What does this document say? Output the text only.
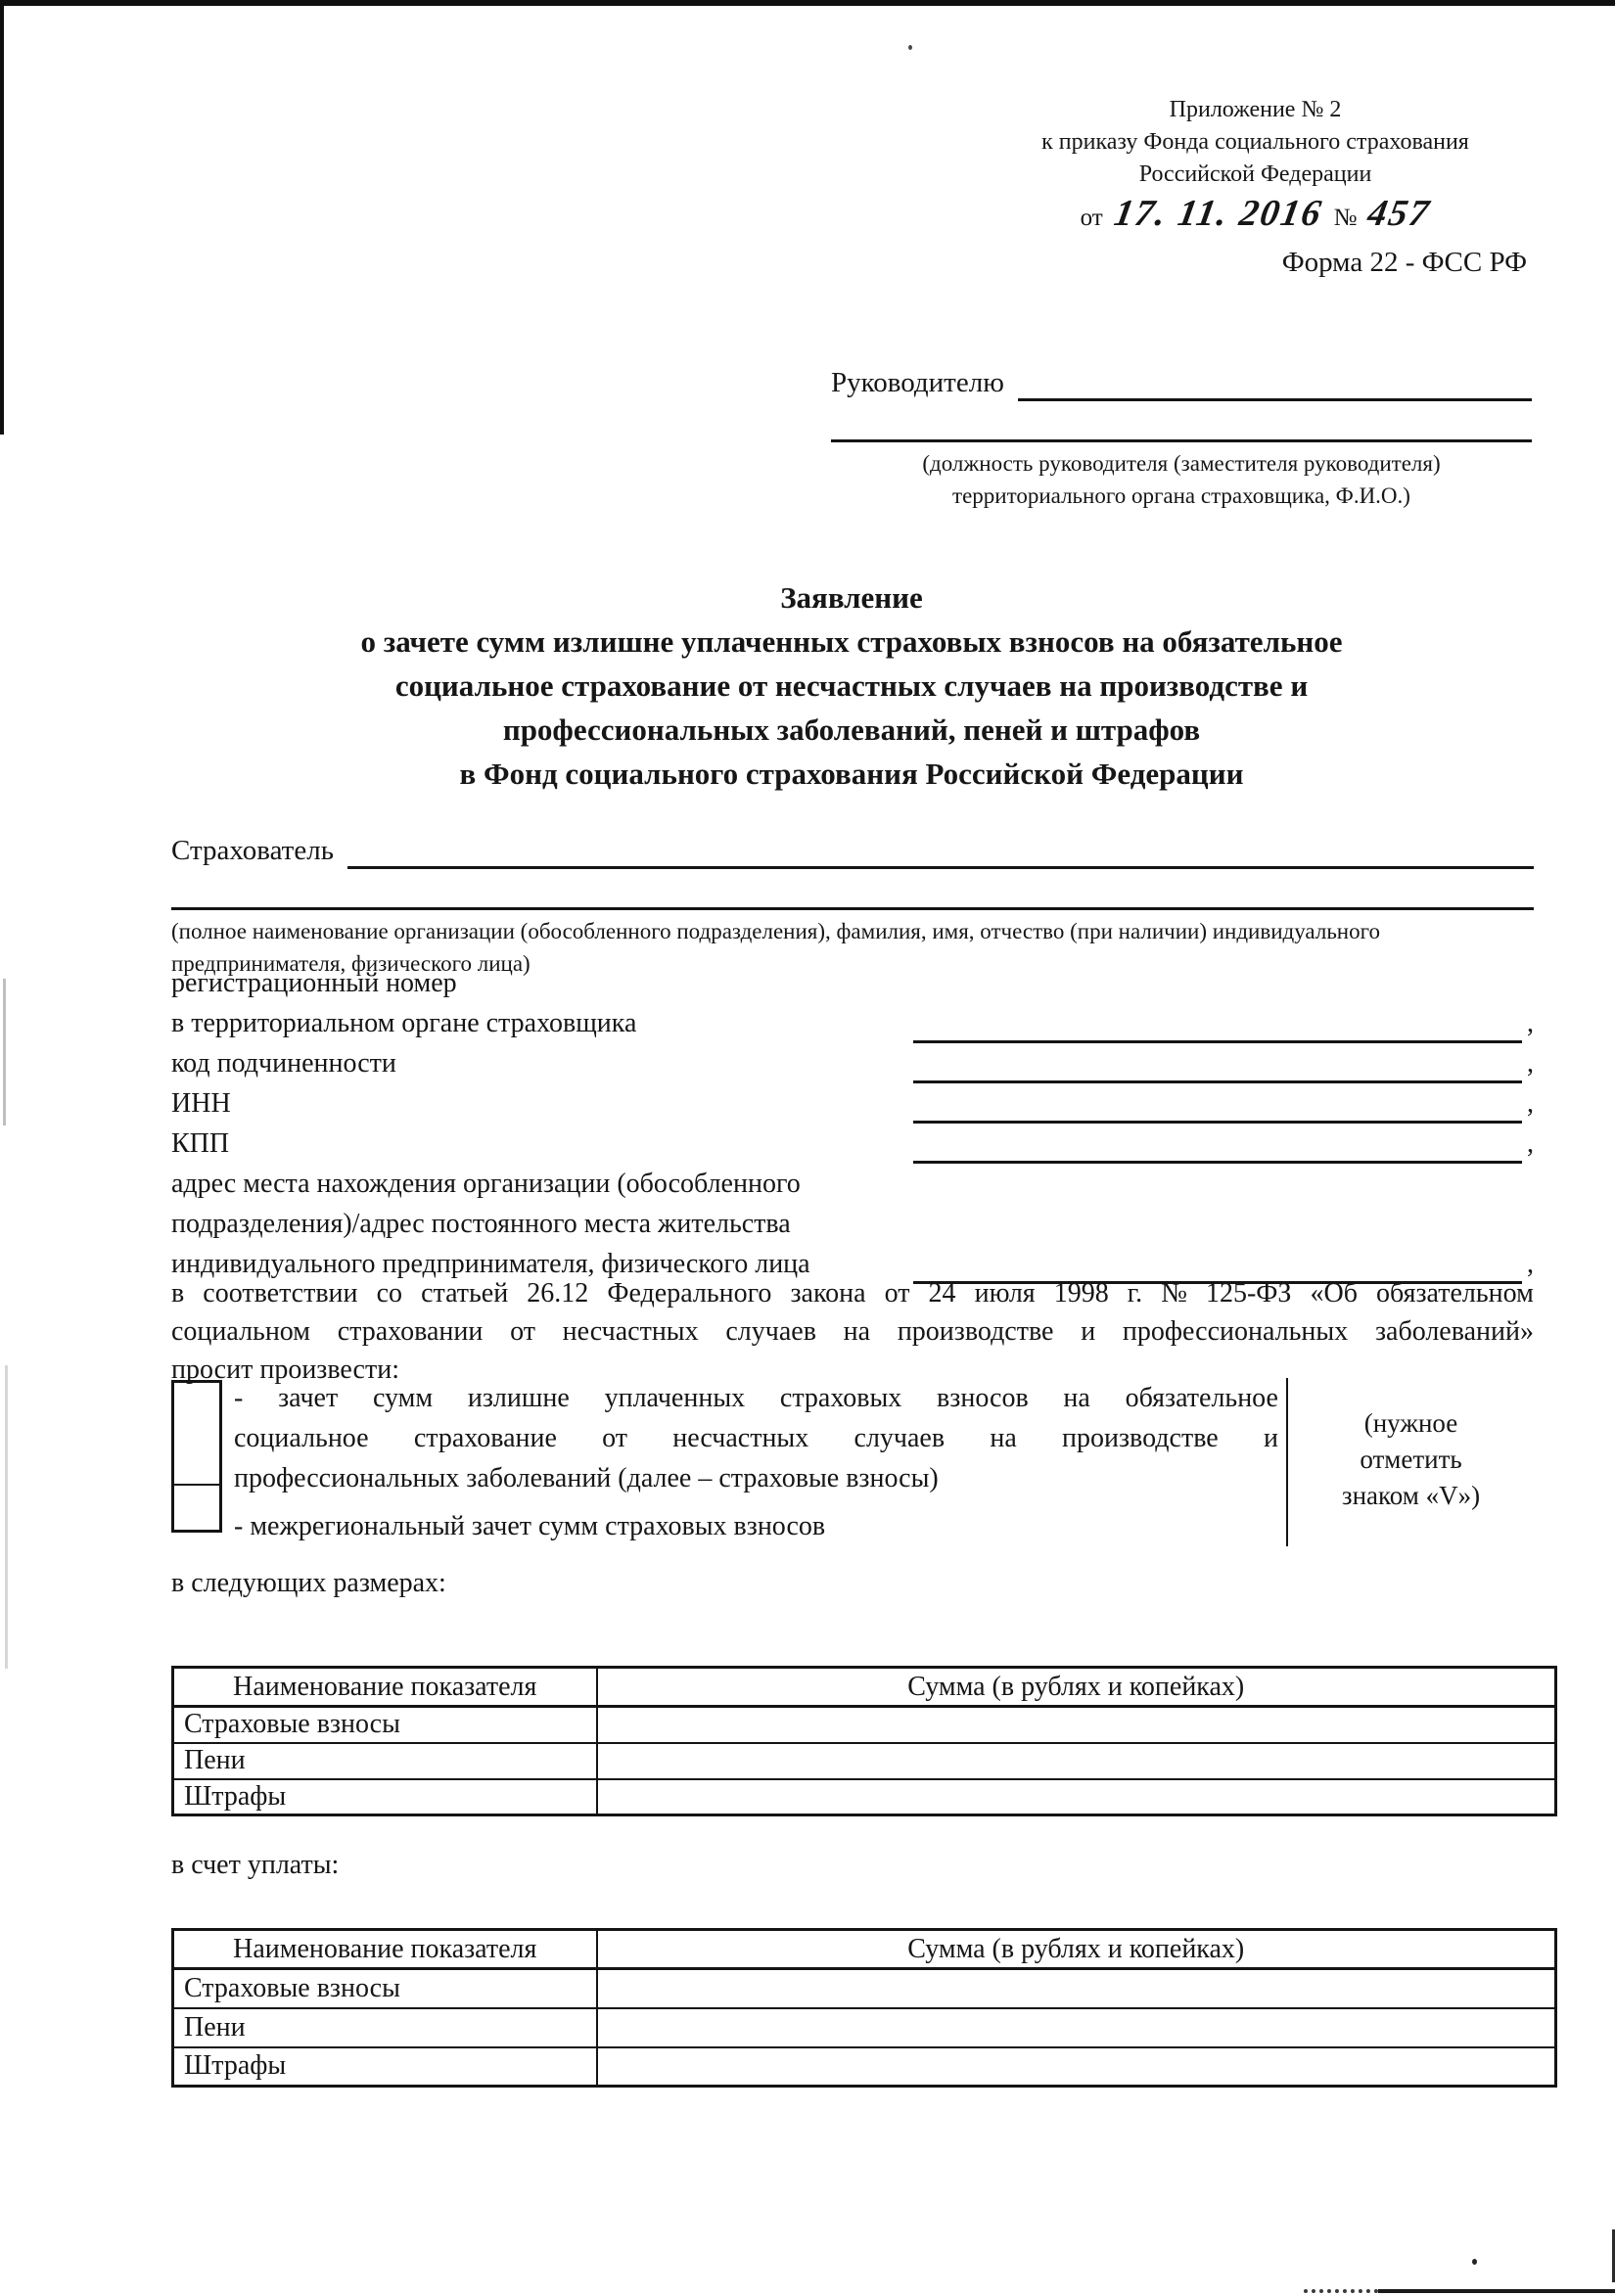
Приложение № 2
к приказу Фонда социального страхования
Российской Федерации
от 17. 11. 2016 № 457
Форма 22 - ФСС РФ
Руководителю
(должность руководителя (заместителя руководителя)
территориального органа страховщика, Ф.И.О.)
Заявление
о зачете сумм излишне уплаченных страховых взносов на обязательное
социальное страхование от несчастных случаев на производстве и
профессиональных заболеваний, пеней и штрафов
в Фонд социального страхования Российской Федерации
Страхователь
(полное наименование организации (обособленного подразделения), фамилия, имя, отчество (при наличии) индивидуального
предпринимателя, физического лица)
регистрационный номер
в территориальном органе страховщика	,
код подчиненности	,
ИНН	,
КПП	,
адрес места нахождения организации (обособленного
подразделения)/адрес постоянного места жительства
индивидуального предпринимателя, физического лица	,
в соответствии со статьей 26.12 Федерального закона от 24 июля 1998 г. № 125-ФЗ «Об обязательном
социальном страховании от несчастных случаев на производстве и профессиональных заболеваний»
просит произвести:
- зачет сумм излишне уплаченных страховых взносов на обязательное
социальное страхование от несчастных случаев на производстве и
профессиональных заболеваний (далее – страховые взносы)
- межрегиональный зачет сумм страховых взносов
(нужное
отметить
знаком «V»)
в следующих размерах:
Наименование показателя	Сумма (в рублях и копейках)
Страховые взносы	
Пени	
Штрафы	
в счет уплаты:
Наименование показателя	Сумма (в рублях и копейках)
Страховые взносы	
Пени	
Штрафы	
